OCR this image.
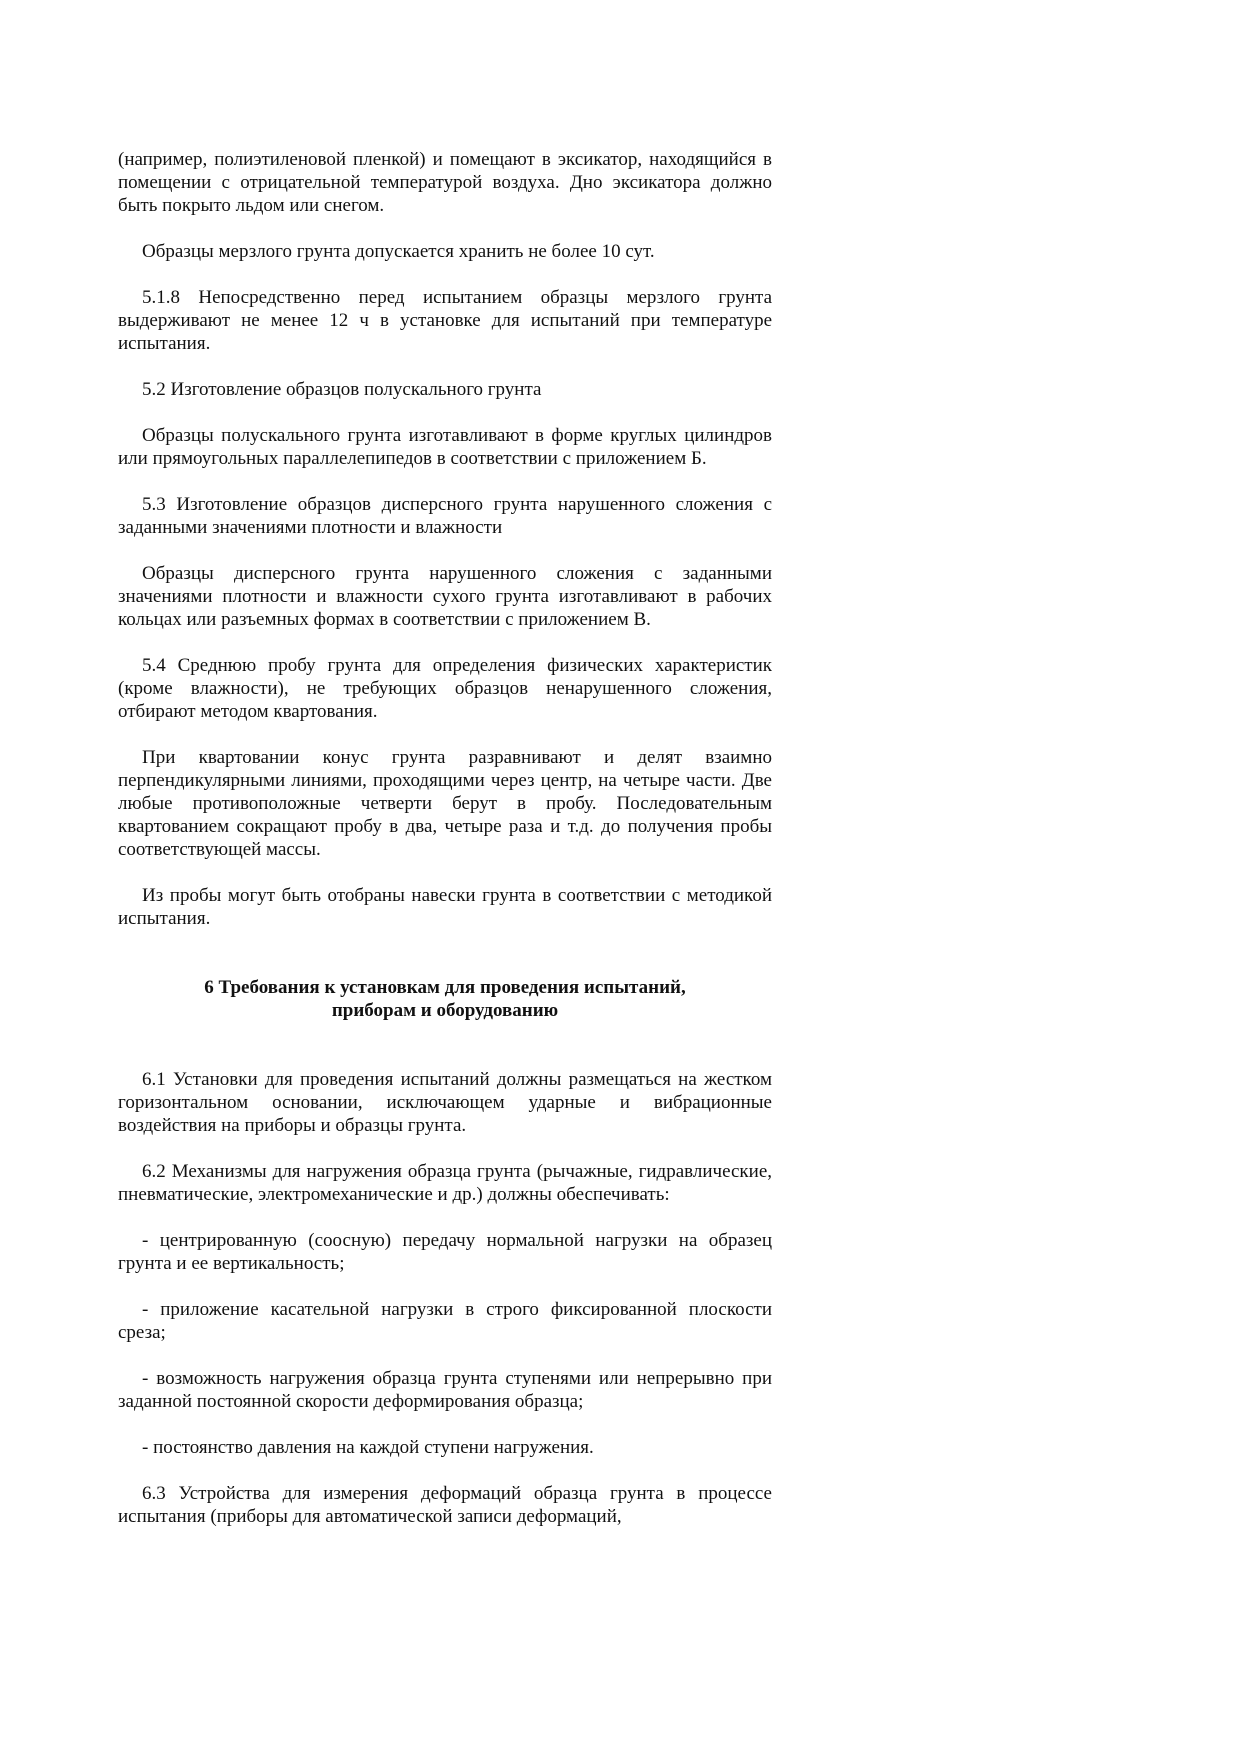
(например, полиэтиленовой пленкой) и помещают в эксикатор, находящийся в помещении с отрицательной температурой воздуха. Дно эксикатора должно быть покрыто льдом или снегом.

Образцы мерзлого грунта допускается хранить не более 10 сут.

5.1.8 Непосредственно перед испытанием образцы мерзлого грунта выдерживают не менее 12 ч в установке для испытаний при температуре испытания.

5.2 Изготовление образцов полускального грунта

Образцы полускального грунта изготавливают в форме круглых цилиндров или прямоугольных параллелепипедов в соответствии с приложением Б.

5.3 Изготовление образцов дисперсного грунта нарушенного сложения с заданными значениями плотности и влажности

Образцы дисперсного грунта нарушенного сложения с заданными значениями плотности и влажности сухого грунта изготавливают в рабочих кольцах или разъемных формах в соответствии с приложением В.

5.4 Среднюю пробу грунта для определения физических характеристик (кроме влажности), не требующих образцов ненарушенного сложения, отбирают методом квартования.

При квартовании конус грунта разравнивают и делят взаимно перпендикулярными линиями, проходящими через центр, на четыре части. Две любые противоположные четверти берут в пробу. Последовательным квартованием сокращают пробу в два, четыре раза и т.д. до получения пробы соответствующей массы.

Из пробы могут быть отобраны навески грунта в соответствии с методикой испытания.

6 Требования к установкам для проведения испытаний,
приборам и оборудованию

6.1 Установки для проведения испытаний должны размещаться на жестком горизонтальном основании, исключающем ударные и вибрационные воздействия на приборы и образцы грунта.

6.2 Механизмы для нагружения образца грунта (рычажные, гидравлические, пневматические, электромеханические и др.) должны обеспечивать:

- центрированную (соосную) передачу нормальной нагрузки на образец грунта и ее вертикальность;

- приложение касательной нагрузки в строго фиксированной плоскости среза;

- возможность нагружения образца грунта ступенями или непрерывно при заданной постоянной скорости деформирования образца;

- постоянство давления на каждой ступени нагружения.

6.3 Устройства для измерения деформаций образца грунта в процессе испытания (приборы для автоматической записи деформаций,
